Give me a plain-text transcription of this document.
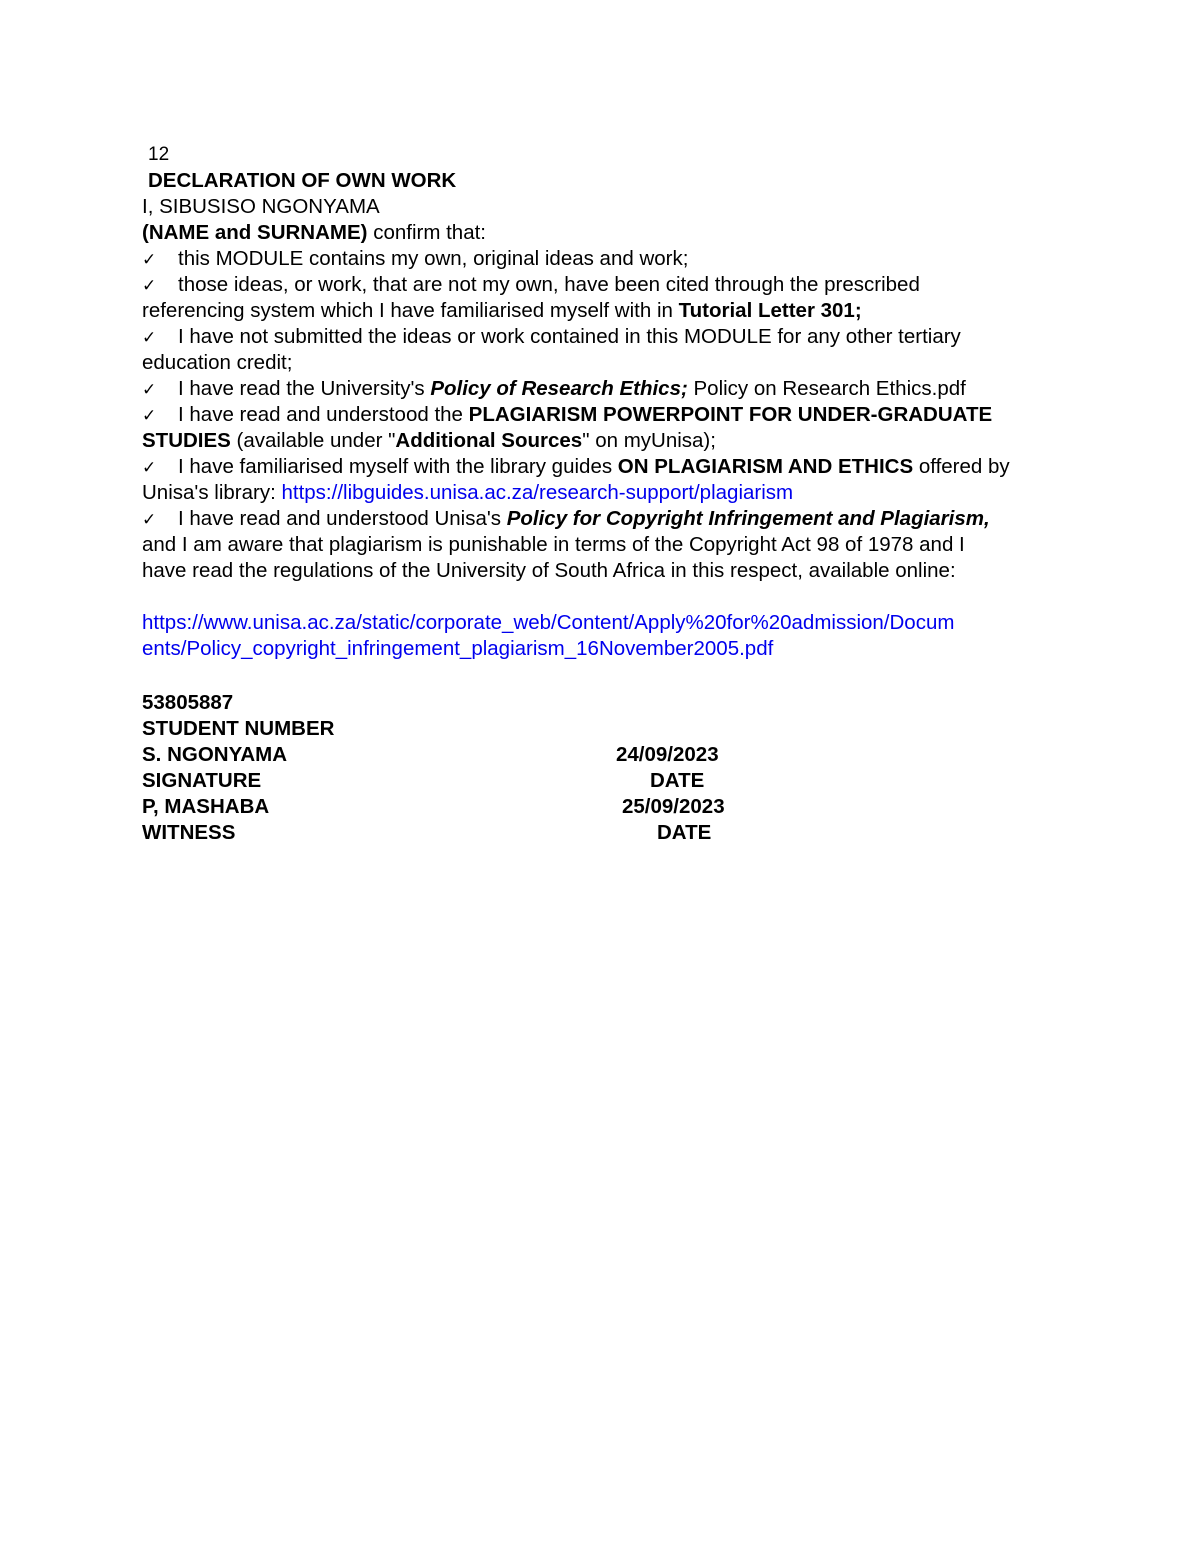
12
DECLARATION OF OWN WORK
I, SIBUSISO NGONYAMA
(NAME and SURNAME) confirm that:
✓ this MODULE contains my own, original ideas and work;
✓ those ideas, or work, that are not my own, have been cited through the prescribed
referencing system which I have familiarised myself with in Tutorial Letter 301;
✓ I have not submitted the ideas or work contained in this MODULE for any other tertiary
education credit;
✓ I have read the University's Policy of Research Ethics; Policy on Research Ethics.pdf
✓ I have read and understood the PLAGIARISM POWERPOINT FOR UNDER-GRADUATE
STUDIES (available under "Additional Sources" on myUnisa);
✓ I have familiarised myself with the library guides ON PLAGIARISM AND ETHICS offered by
Unisa's library: https://libguides.unisa.ac.za/research-support/plagiarism
✓ I have read and understood Unisa's Policy for Copyright Infringement and Plagiarism,
and I am aware that plagiarism is punishable in terms of the Copyright Act 98 of 1978 and I
have read the regulations of the University of South Africa in this respect, available online:
https://www.unisa.ac.za/static/corporate_web/Content/Apply%20for%20admission/Docum
ents/Policy_copyright_infringement_plagiarism_16November2005.pdf
53805887
STUDENT NUMBER
S. NGONYAMA	24/09/2023
SIGNATURE	DATE
P, MASHABA	25/09/2023
WITNESS	DATE
